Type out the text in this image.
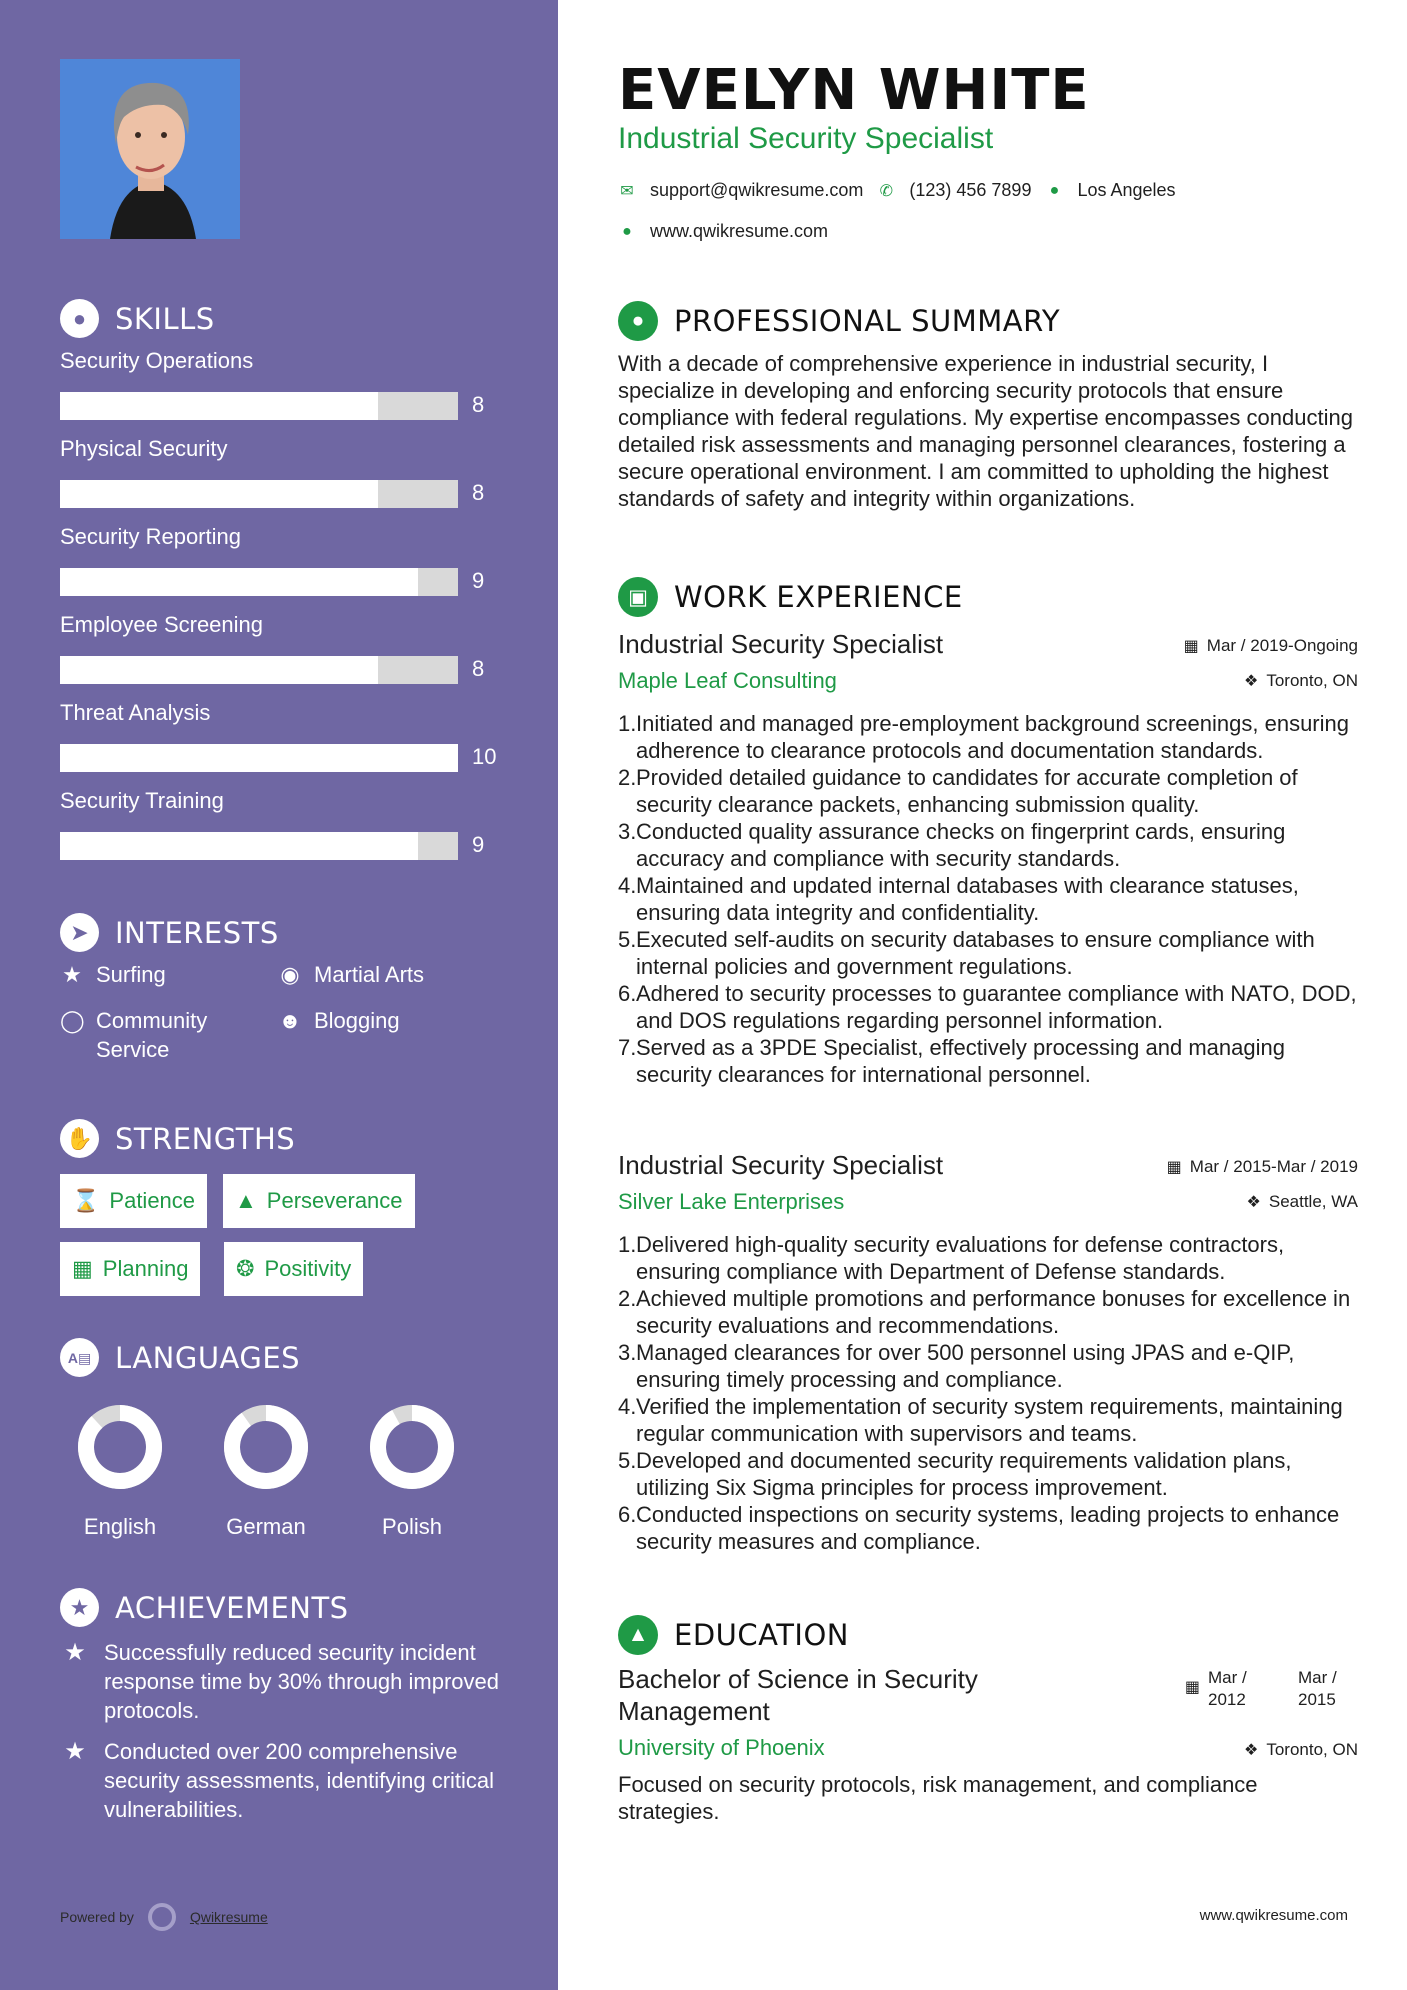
● SKILLS
Security Operations
8
Physical Security
8
Security Reporting
9
Employee Screening
8
Threat Analysis
10
Security Training
9
➤ INTERESTS
★ Surfing	◉ Martial Arts
◯ Community Service
☻ Blogging
✋ STRENGTHS
⌛ Patience ▲ Perseverance
▦ Planning ❂ Positivity
A▤ LANGUAGES
English	German	Polish
★ ACHIEVEMENTS
★ Successfully reduced security incident response time by 30% through improved protocols.
★ Conducted over 200 comprehensive security assessments, identifying critical vulnerabilities.
Powered by	Qwikresume
EVELYN WHITE
Industrial Security Specialist
✉ support@qwikresume.com ✆ (123) 456 7899 ● Los Angeles
● www.qwikresume.com
●	PROFESSIONAL SUMMARY
With a decade of comprehensive experience in industrial security, I specialize in developing and enforcing security protocols that ensure compliance with federal regulations. My expertise encompasses conducting detailed risk assessments and managing personnel clearances, fostering a secure operational environment. I am committed to upholding the highest standards of safety and integrity within organizations.
▣ WORK EXPERIENCE
Industrial Security Specialist
Maple Leaf Consulting
▦ Mar / 2019-Ongoing
❖ Toronto, ON
1. Initiated and managed pre-employment background screenings, ensuring adherence to clearance protocols and documentation standards.
2. Provided detailed guidance to candidates for accurate completion of security clearance packets, enhancing submission quality.
3. Conducted quality assurance checks on fingerprint cards, ensuring accuracy and compliance with security standards.
4. Maintained and updated internal databases with clearance statuses, ensuring data integrity and confidentiality.
5. Executed self-audits on security databases to ensure compliance with internal policies and government regulations.
6. Adhered to security processes to guarantee compliance with NATO, DOD, and DOS regulations regarding personnel information.
7. Served as a 3PDE Specialist, effectively processing and managing security clearances for international personnel.
Industrial Security Specialist
Silver Lake Enterprises
▦ Mar / 2015-Mar / 2019
❖ Seattle, WA
1. Delivered high-quality security evaluations for defense contractors, ensuring compliance with Department of Defense standards.
2. Achieved multiple promotions and performance bonuses for excellence in security evaluations and recommendations.
3. Managed clearances for over 500 personnel using JPAS and e-QIP, ensuring timely processing and compliance.
4. Verified the implementation of security system requirements, maintaining regular communication with supervisors and teams.
5. Developed and documented security requirements validation plans, utilizing Six Sigma principles for process improvement.
6. Conducted inspections on security systems, leading projects to enhance security measures and compliance.
▲ EDUCATION
Bachelor of Science in Security Management
University of Phoenix
▦
Mar / 2012
Mar / 2015
❖ Toronto, ON
Focused on security protocols, risk management, and compliance strategies.
www.qwikresume.com
